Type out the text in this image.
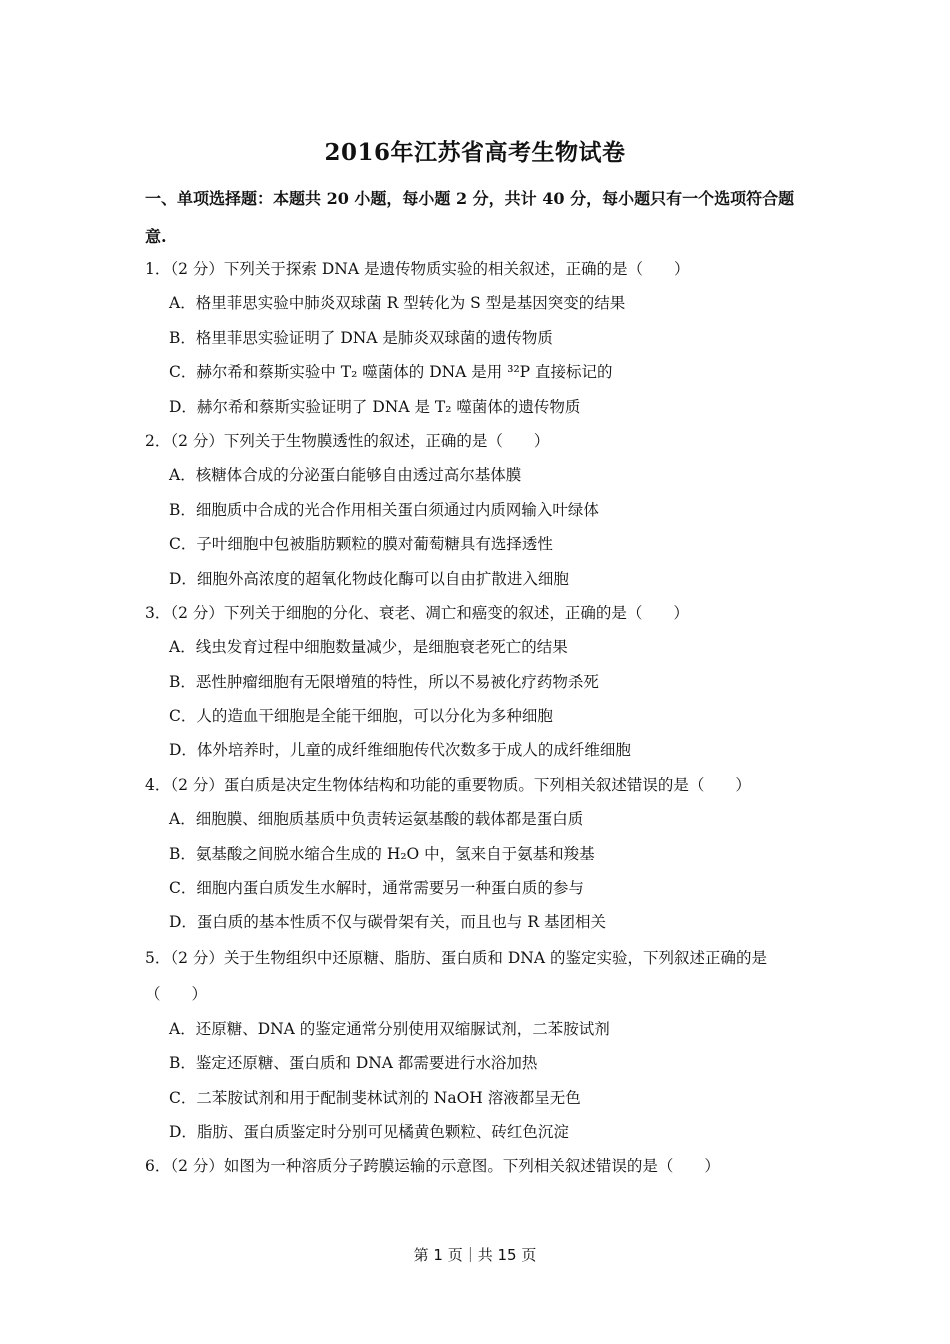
2016年江苏省高考生物试卷
一、单项选择题：本题共 20 小题，每小题 2 分，共计 40 分，每小题只有一个选项符合题意.
1．（2 分）下列关于探索 DNA 是遗传物质实验的相关叙述，正确的是（　　）
A．格里菲思实验中肺炎双球菌 R 型转化为 S 型是基因突变的结果
B．格里菲思实验证明了 DNA 是肺炎双球菌的遗传物质
C．赫尔希和蔡斯实验中 T₂ 噬菌体的 DNA 是用 ³²P 直接标记的
D．赫尔希和蔡斯实验证明了 DNA 是 T₂ 噬菌体的遗传物质
2．（2 分）下列关于生物膜透性的叙述，正确的是（　　）
A．核糖体合成的分泌蛋白能够自由透过高尔基体膜
B．细胞质中合成的光合作用相关蛋白须通过内质网输入叶绿体
C．子叶细胞中包被脂肪颗粒的膜对葡萄糖具有选择透性
D．细胞外高浓度的超氧化物歧化酶可以自由扩散进入细胞
3．（2 分）下列关于细胞的分化、衰老、凋亡和癌变的叙述，正确的是（　　）
A．线虫发育过程中细胞数量减少，是细胞衰老死亡的结果
B．恶性肿瘤细胞有无限增殖的特性，所以不易被化疗药物杀死
C．人的造血干细胞是全能干细胞，可以分化为多种细胞
D．体外培养时，儿童的成纤维细胞传代次数多于成人的成纤维细胞
4．（2 分）蛋白质是决定生物体结构和功能的重要物质。下列相关叙述错误的是（　　）
A．细胞膜、细胞质基质中负责转运氨基酸的载体都是蛋白质
B．氨基酸之间脱水缩合生成的 H₂O 中，氢来自于氨基和羧基
C．细胞内蛋白质发生水解时，通常需要另一种蛋白质的参与
D．蛋白质的基本性质不仅与碳骨架有关，而且也与 R 基团相关
5．（2 分）关于生物组织中还原糖、脂肪、蛋白质和 DNA 的鉴定实验，下列叙述正确的是（　　）
A．还原糖、DNA 的鉴定通常分别使用双缩脲试剂，二苯胺试剂
B．鉴定还原糖、蛋白质和 DNA 都需要进行水浴加热
C．二苯胺试剂和用于配制斐林试剂的 NaOH 溶液都呈无色
D．脂肪、蛋白质鉴定时分别可见橘黄色颗粒、砖红色沉淀
6．（2 分）如图为一种溶质分子跨膜运输的示意图。下列相关叙述错误的是（　　）
第 1 页｜共 15 页
